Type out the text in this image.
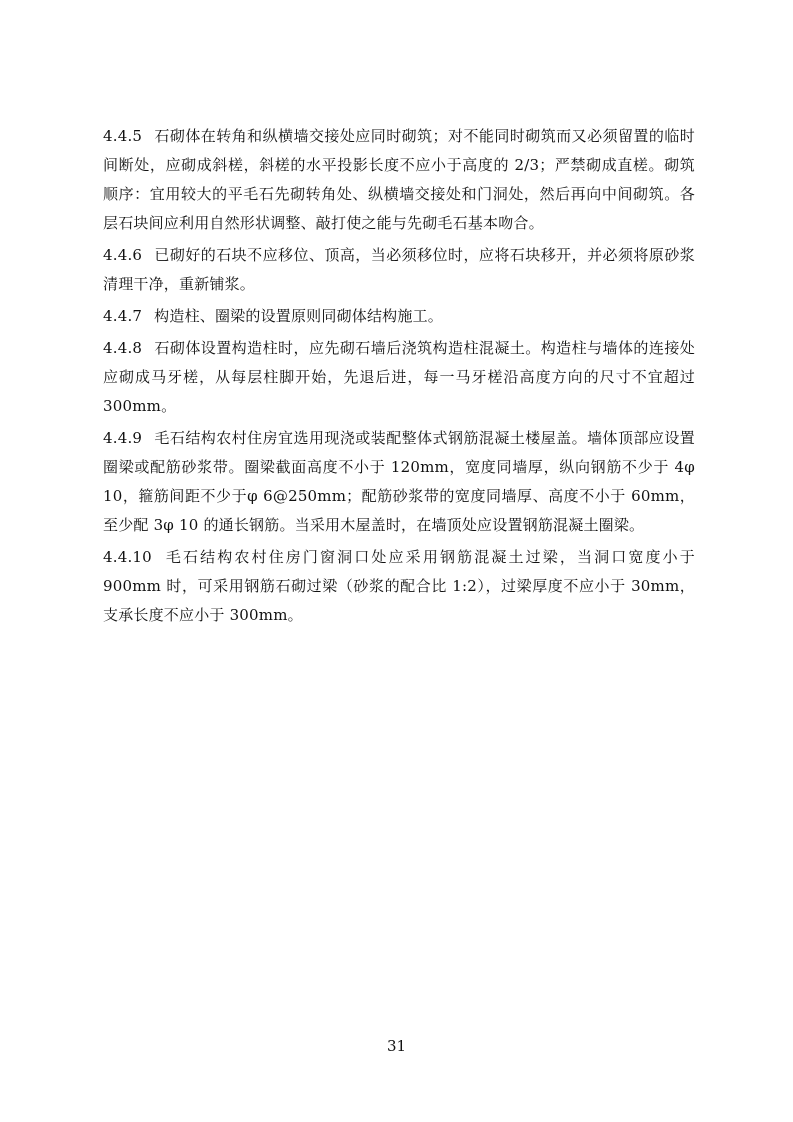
4.4.5 石砌体在转角和纵横墙交接处应同时砌筑；对不能同时砌筑而又必须留置的临时间断处，应砌成斜槎，斜槎的水平投影长度不应小于高度的 2/3；严禁砌成直槎。砌筑顺序：宜用较大的平毛石先砌转角处、纵横墙交接处和门洞处，然后再向中间砌筑。各层石块间应利用自然形状调整、敲打使之能与先砌毛石基本吻合。

4.4.6 已砌好的石块不应移位、顶高，当必须移位时，应将石块移开，并必须将原砂浆清理干净，重新铺浆。

4.4.7 构造柱、圈梁的设置原则同砌体结构施工。

4.4.8 石砌体设置构造柱时，应先砌石墙后浇筑构造柱混凝土。构造柱与墙体的连接处应砌成马牙槎，从每层柱脚开始，先退后进，每一马牙槎沿高度方向的尺寸不宜超过 300mm。

4.4.9 毛石结构农村住房宜选用现浇或装配整体式钢筋混凝土楼屋盖。墙体顶部应设置圈梁或配筋砂浆带。圈梁截面高度不小于 120mm，宽度同墙厚，纵向钢筋不少于 4φ 10，箍筋间距不少于φ 6@250mm；配筋砂浆带的宽度同墙厚、高度不小于 60mm，至少配 3φ 10 的通长钢筋。当采用木屋盖时，在墙顶处应设置钢筋混凝土圈梁。

4.4.10 毛石结构农村住房门窗洞口处应采用钢筋混凝土过梁，当洞口宽度小于 900mm 时，可采用钢筋石砌过梁（砂浆的配合比 1:2），过梁厚度不应小于 30mm，支承长度不应小于 300mm。

31
